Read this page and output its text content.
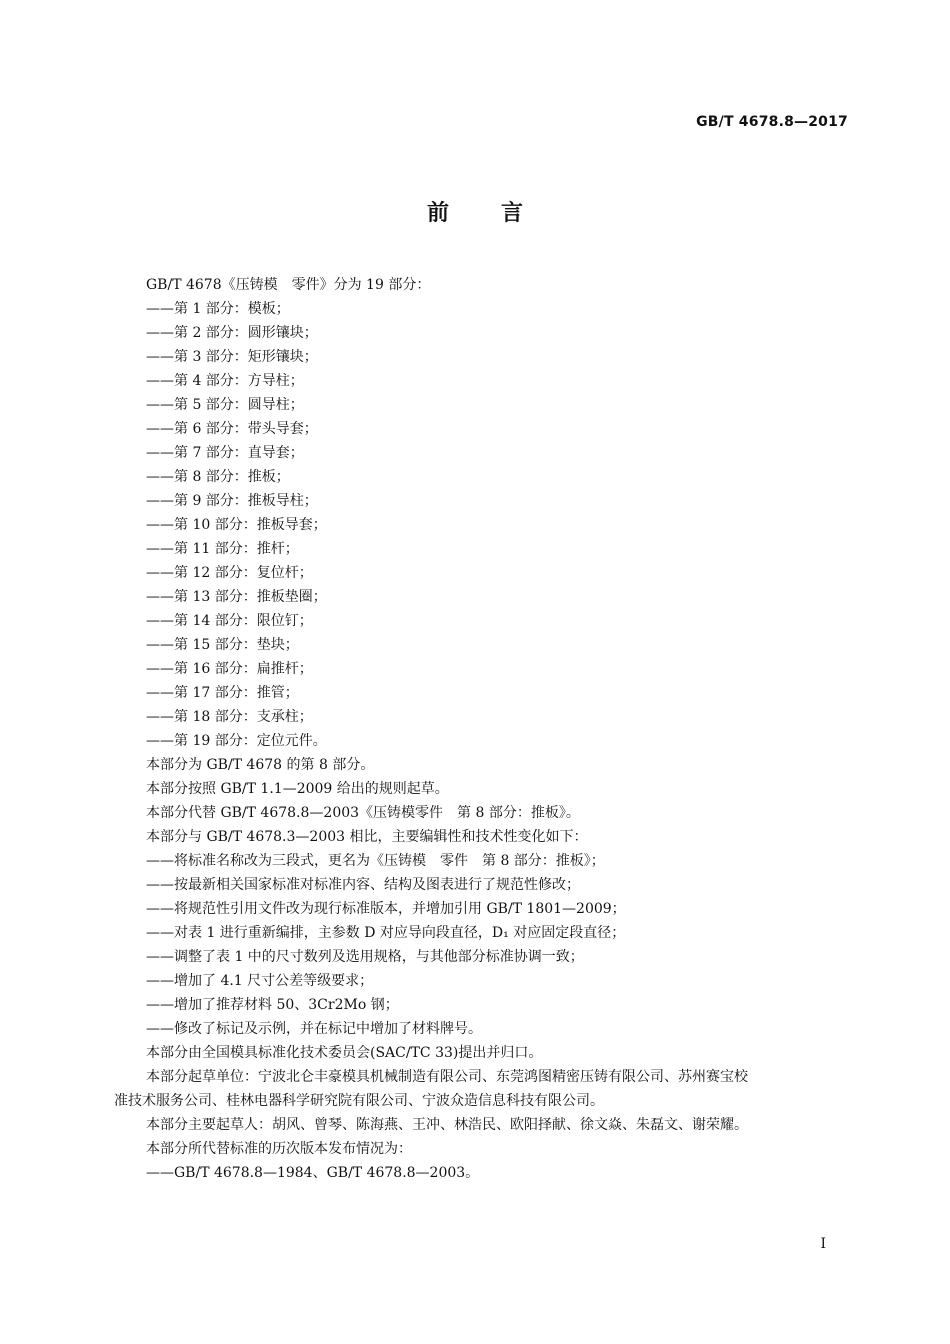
GB/T 4678.8—2017
前 言
GB/T 4678《压铸模　零件》分为 19 部分：
——第 1 部分：模板；
——第 2 部分：圆形镶块；
——第 3 部分：矩形镶块；
——第 4 部分：方导柱；
——第 5 部分：圆导柱；
——第 6 部分：带头导套；
——第 7 部分：直导套；
——第 8 部分：推板；
——第 9 部分：推板导柱；
——第 10 部分：推板导套；
——第 11 部分：推杆；
——第 12 部分：复位杆；
——第 13 部分：推板垫圈；
——第 14 部分：限位钉；
——第 15 部分：垫块；
——第 16 部分：扁推杆；
——第 17 部分：推管；
——第 18 部分：支承柱；
——第 19 部分：定位元件。
本部分为 GB/T 4678 的第 8 部分。
本部分按照 GB/T 1.1—2009 给出的规则起草。
本部分代替 GB/T 4678.8—2003《压铸模零件　第 8 部分：推板》。
本部分与 GB/T 4678.3—2003 相比，主要编辑性和技术性变化如下：
——将标准名称改为三段式，更名为《压铸模　零件　第 8 部分：推板》；
——按最新相关国家标准对标准内容、结构及图表进行了规范性修改；
——将规范性引用文件改为现行标准版本，并增加引用 GB/T 1801—2009；
——对表 1 进行重新编排，主参数 D 对应导向段直径，D₁ 对应固定段直径；
——调整了表 1 中的尺寸数列及选用规格，与其他部分标准协调一致；
——增加了 4.1 尺寸公差等级要求；
——增加了推荐材料 50、3Cr2Mo 钢；
——修改了标记及示例，并在标记中增加了材料牌号。
本部分由全国模具标准化技术委员会(SAC/TC 33)提出并归口。
本部分起草单位：宁波北仑丰豪模具机械制造有限公司、东莞鸿图精密压铸有限公司、苏州赛宝校
准技术服务公司、桂林电器科学研究院有限公司、宁波众造信息科技有限公司。
本部分主要起草人：胡风、曾琴、陈海燕、王冲、林浩民、欧阳择献、徐文焱、朱磊文、谢荣耀。
本部分所代替标准的历次版本发布情况为：
——GB/T 4678.8—1984、GB/T 4678.8—2003。
I
